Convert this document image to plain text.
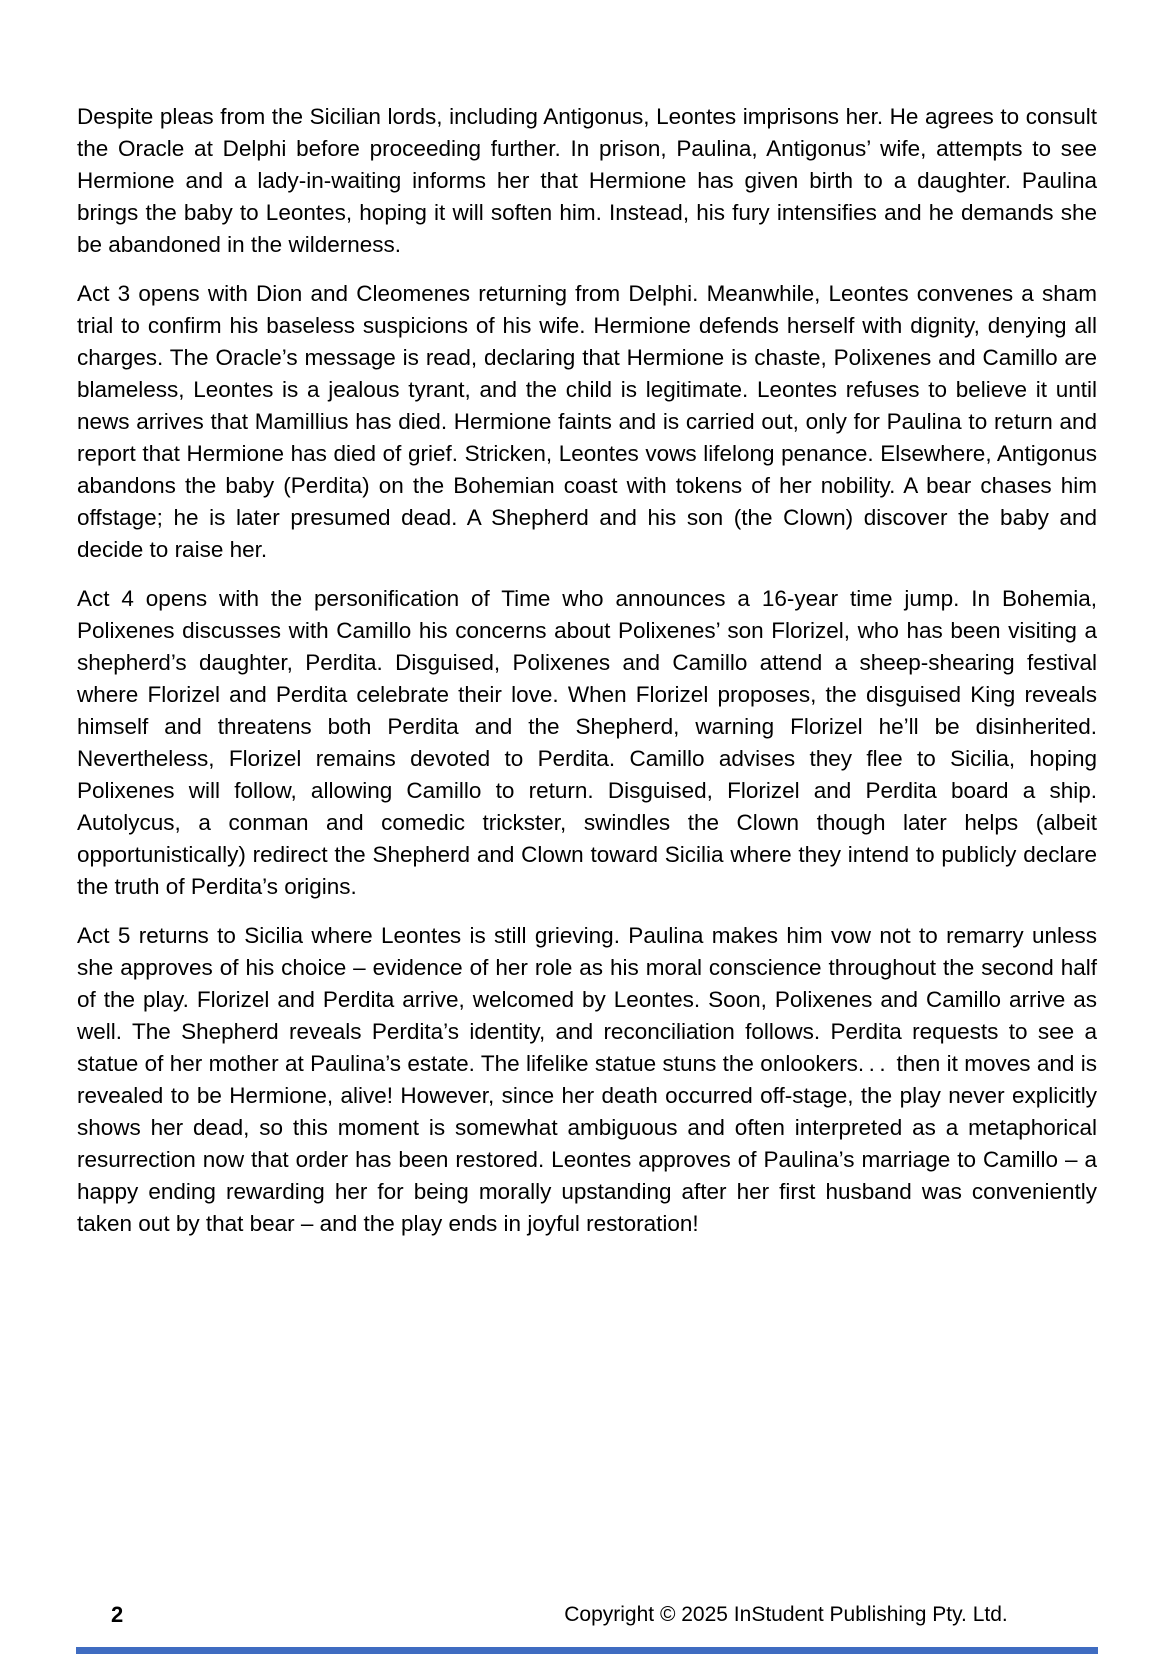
Despite pleas from the Sicilian lords, including Antigonus, Leontes imprisons her. He agrees to consult the Oracle at Delphi before proceeding further. In prison, Paulina, Antigonus’ wife, attempts to see Hermione and a lady-in-waiting informs her that Hermione has given birth to a daughter. Paulina brings the baby to Leontes, hoping it will soften him. Instead, his fury intensifies and he demands she be abandoned in the wilderness.

Act 3 opens with Dion and Cleomenes returning from Delphi. Meanwhile, Leontes convenes a sham trial to confirm his baseless suspicions of his wife. Hermione defends herself with dignity, denying all charges. The Oracle’s message is read, declaring that Hermione is chaste, Polixenes and Camillo are blameless, Leontes is a jealous tyrant, and the child is legitimate. Leontes refuses to believe it until news arrives that Mamillius has died. Hermione faints and is carried out, only for Paulina to return and report that Hermione has died of grief. Stricken, Leontes vows lifelong penance. Elsewhere, Antigonus abandons the baby (Perdita) on the Bohemian coast with tokens of her nobility. A bear chases him offstage; he is later presumed dead. A Shepherd and his son (the Clown) discover the baby and decide to raise her.

Act 4 opens with the personification of Time who announces a 16-year time jump. In Bohemia, Polixenes discusses with Camillo his concerns about Polixenes’ son Florizel, who has been visiting a shepherd’s daughter, Perdita. Disguised, Polixenes and Camillo attend a sheep-shearing festival where Florizel and Perdita celebrate their love. When Florizel proposes, the disguised King reveals himself and threatens both Perdita and the Shepherd, warning Florizel he’ll be disinherited. Nevertheless, Florizel remains devoted to Perdita. Camillo advises they flee to Sicilia, hoping Polixenes will follow, allowing Camillo to return. Disguised, Florizel and Perdita board a ship. Autolycus, a conman and comedic trickster, swindles the Clown though later helps (albeit opportunistically) redirect the Shepherd and Clown toward Sicilia where they intend to publicly declare the truth of Perdita’s origins.

Act 5 returns to Sicilia where Leontes is still grieving. Paulina makes him vow not to remarry unless she approves of his choice – evidence of her role as his moral conscience throughout the second half of the play. Florizel and Perdita arrive, welcomed by Leontes. Soon, Polixenes and Camillo arrive as well. The Shepherd reveals Perdita’s identity, and reconciliation follows. Perdita requests to see a statue of her mother at Paulina’s estate. The lifelike statue stuns the onlookers. . .  then it moves and is revealed to be Hermione, alive! However, since her death occurred off-stage, the play never explicitly shows her dead, so this moment is somewhat ambiguous and often interpreted as a metaphorical resurrection now that order has been restored. Leontes approves of Paulina’s marriage to Camillo – a happy ending rewarding her for being morally upstanding after her first husband was conveniently taken out by that bear – and the play ends in joyful restoration!

2	Copyright © 2025 InStudent Publishing Pty. Ltd.
